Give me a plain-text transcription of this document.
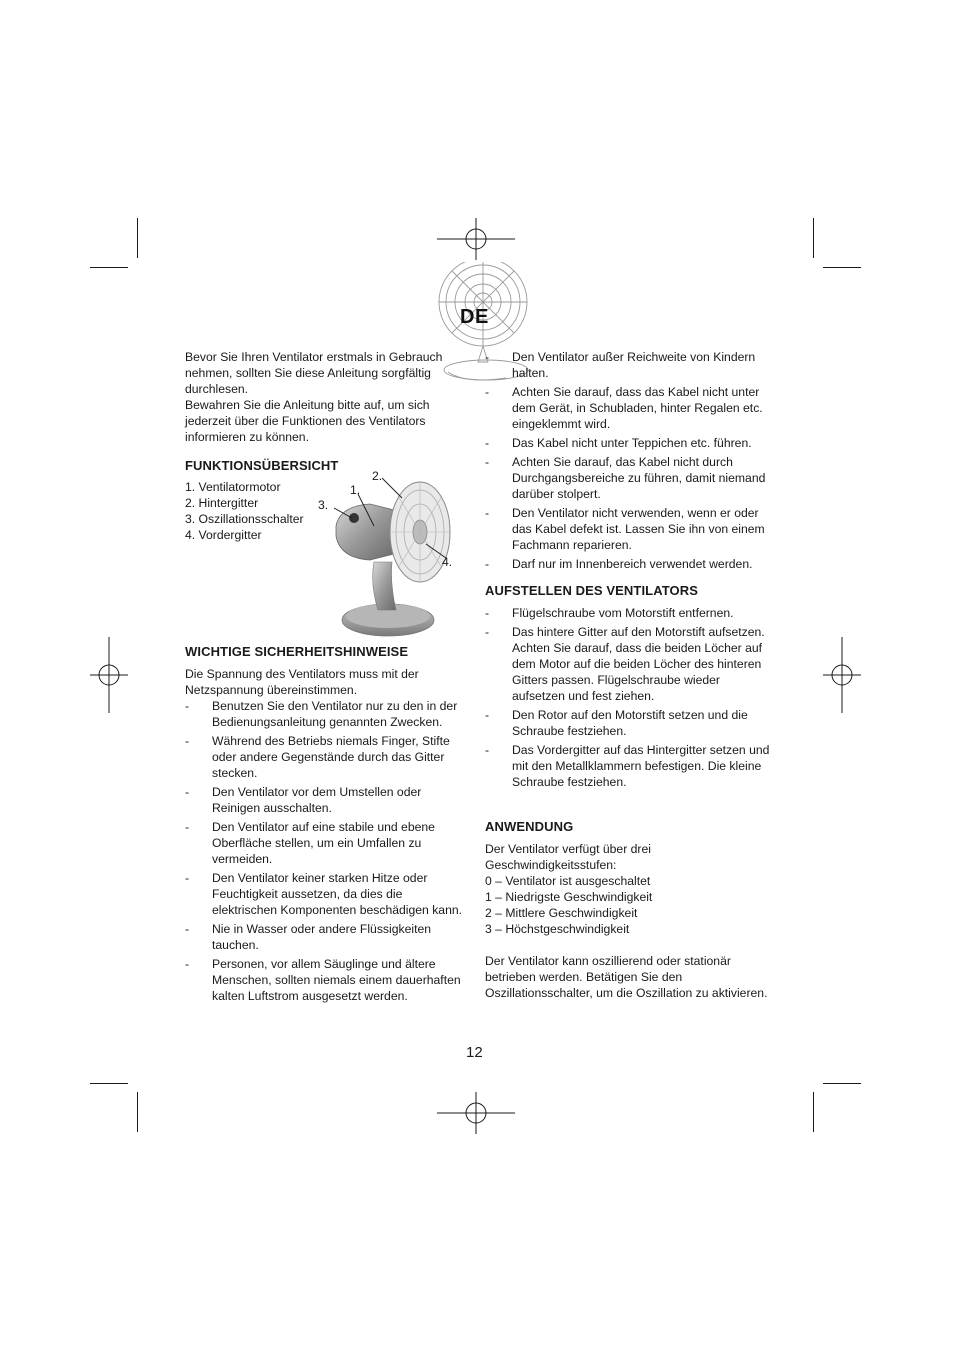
DE

Bevor Sie Ihren Ventilator erstmals in Gebrauch nehmen, sollten Sie diese Anleitung sorgfältig durchlesen.

Bewahren Sie die Anleitung bitte auf, um sich jederzeit über die Funktionen des Ventilators informieren zu können.

FUNKTIONSÜBERSICHT
1. Ventilatormotor
2. Hintergitter
3. Oszillationsschalter
4. Vordergitter
1.
2.
3.
4.
WICHTIGE SICHERHEITSHINWEISE

Die Spannung des Ventilators muss mit der Netzspannung übereinstimmen.

- Benutzen Sie den Ventilator nur zu den in der Bedienungsanleitung genannten Zwecken.
- Während des Betriebs niemals Finger, Stifte oder andere Gegenstände durch das Gitter stecken.
- Den Ventilator vor dem Umstellen oder Reinigen ausschalten.
- Den Ventilator auf eine stabile und ebene Oberfläche stellen, um ein Umfallen zu vermeiden.
- Den Ventilator keiner starken Hitze oder Feuchtigkeit aussetzen, da dies die elektrischen Komponenten beschädigen kann.
- Nie in Wasser oder andere Flüssigkeiten tauchen.
- Personen, vor allem Säuglinge und ältere Menschen, sollten niemals einem dauerhaften kalten Luftstrom ausgesetzt werden.
- Den Ventilator außer Reichweite von Kindern halten.
- Achten Sie darauf, dass das Kabel nicht unter dem Gerät, in Schubladen, hinter Regalen etc. eingeklemmt wird.
- Das Kabel nicht unter Teppichen etc. führen.
- Achten Sie darauf, das Kabel nicht durch Durchgangsbereiche zu führen, damit niemand darüber stolpert.
- Den Ventilator nicht verwenden, wenn er oder das Kabel defekt ist. Lassen Sie ihn von einem Fachmann reparieren.
- Darf nur im Innenbereich verwendet werden.
AUFSTELLEN DES VENTILATORS
- Flügelschraube vom Motorstift entfernen.
- Das hintere Gitter auf den Motorstift aufsetzen. Achten Sie darauf, dass die beiden Löcher auf dem Motor auf die beiden Löcher des hinteren Gitters passen. Flügelschraube wieder aufsetzen und fest ziehen.
- Den Rotor auf den Motorstift setzen und die Schraube festziehen.
- Das Vordergitter auf das Hintergitter setzen und mit den Metallklammern befestigen. Die kleine Schraube festziehen.
ANWENDUNG

Der Ventilator verfügt über drei Geschwindigkeitsstufen:

0 – Ventilator ist ausgeschaltet
1 – Niedrigste Geschwindigkeit
2 – Mittlere Geschwindigkeit
3 – Höchstgeschwindigkeit

Der Ventilator kann oszillierend oder stationär betrieben werden. Betätigen Sie den Oszillationsschalter, um die Oszillation zu aktivieren.

12
